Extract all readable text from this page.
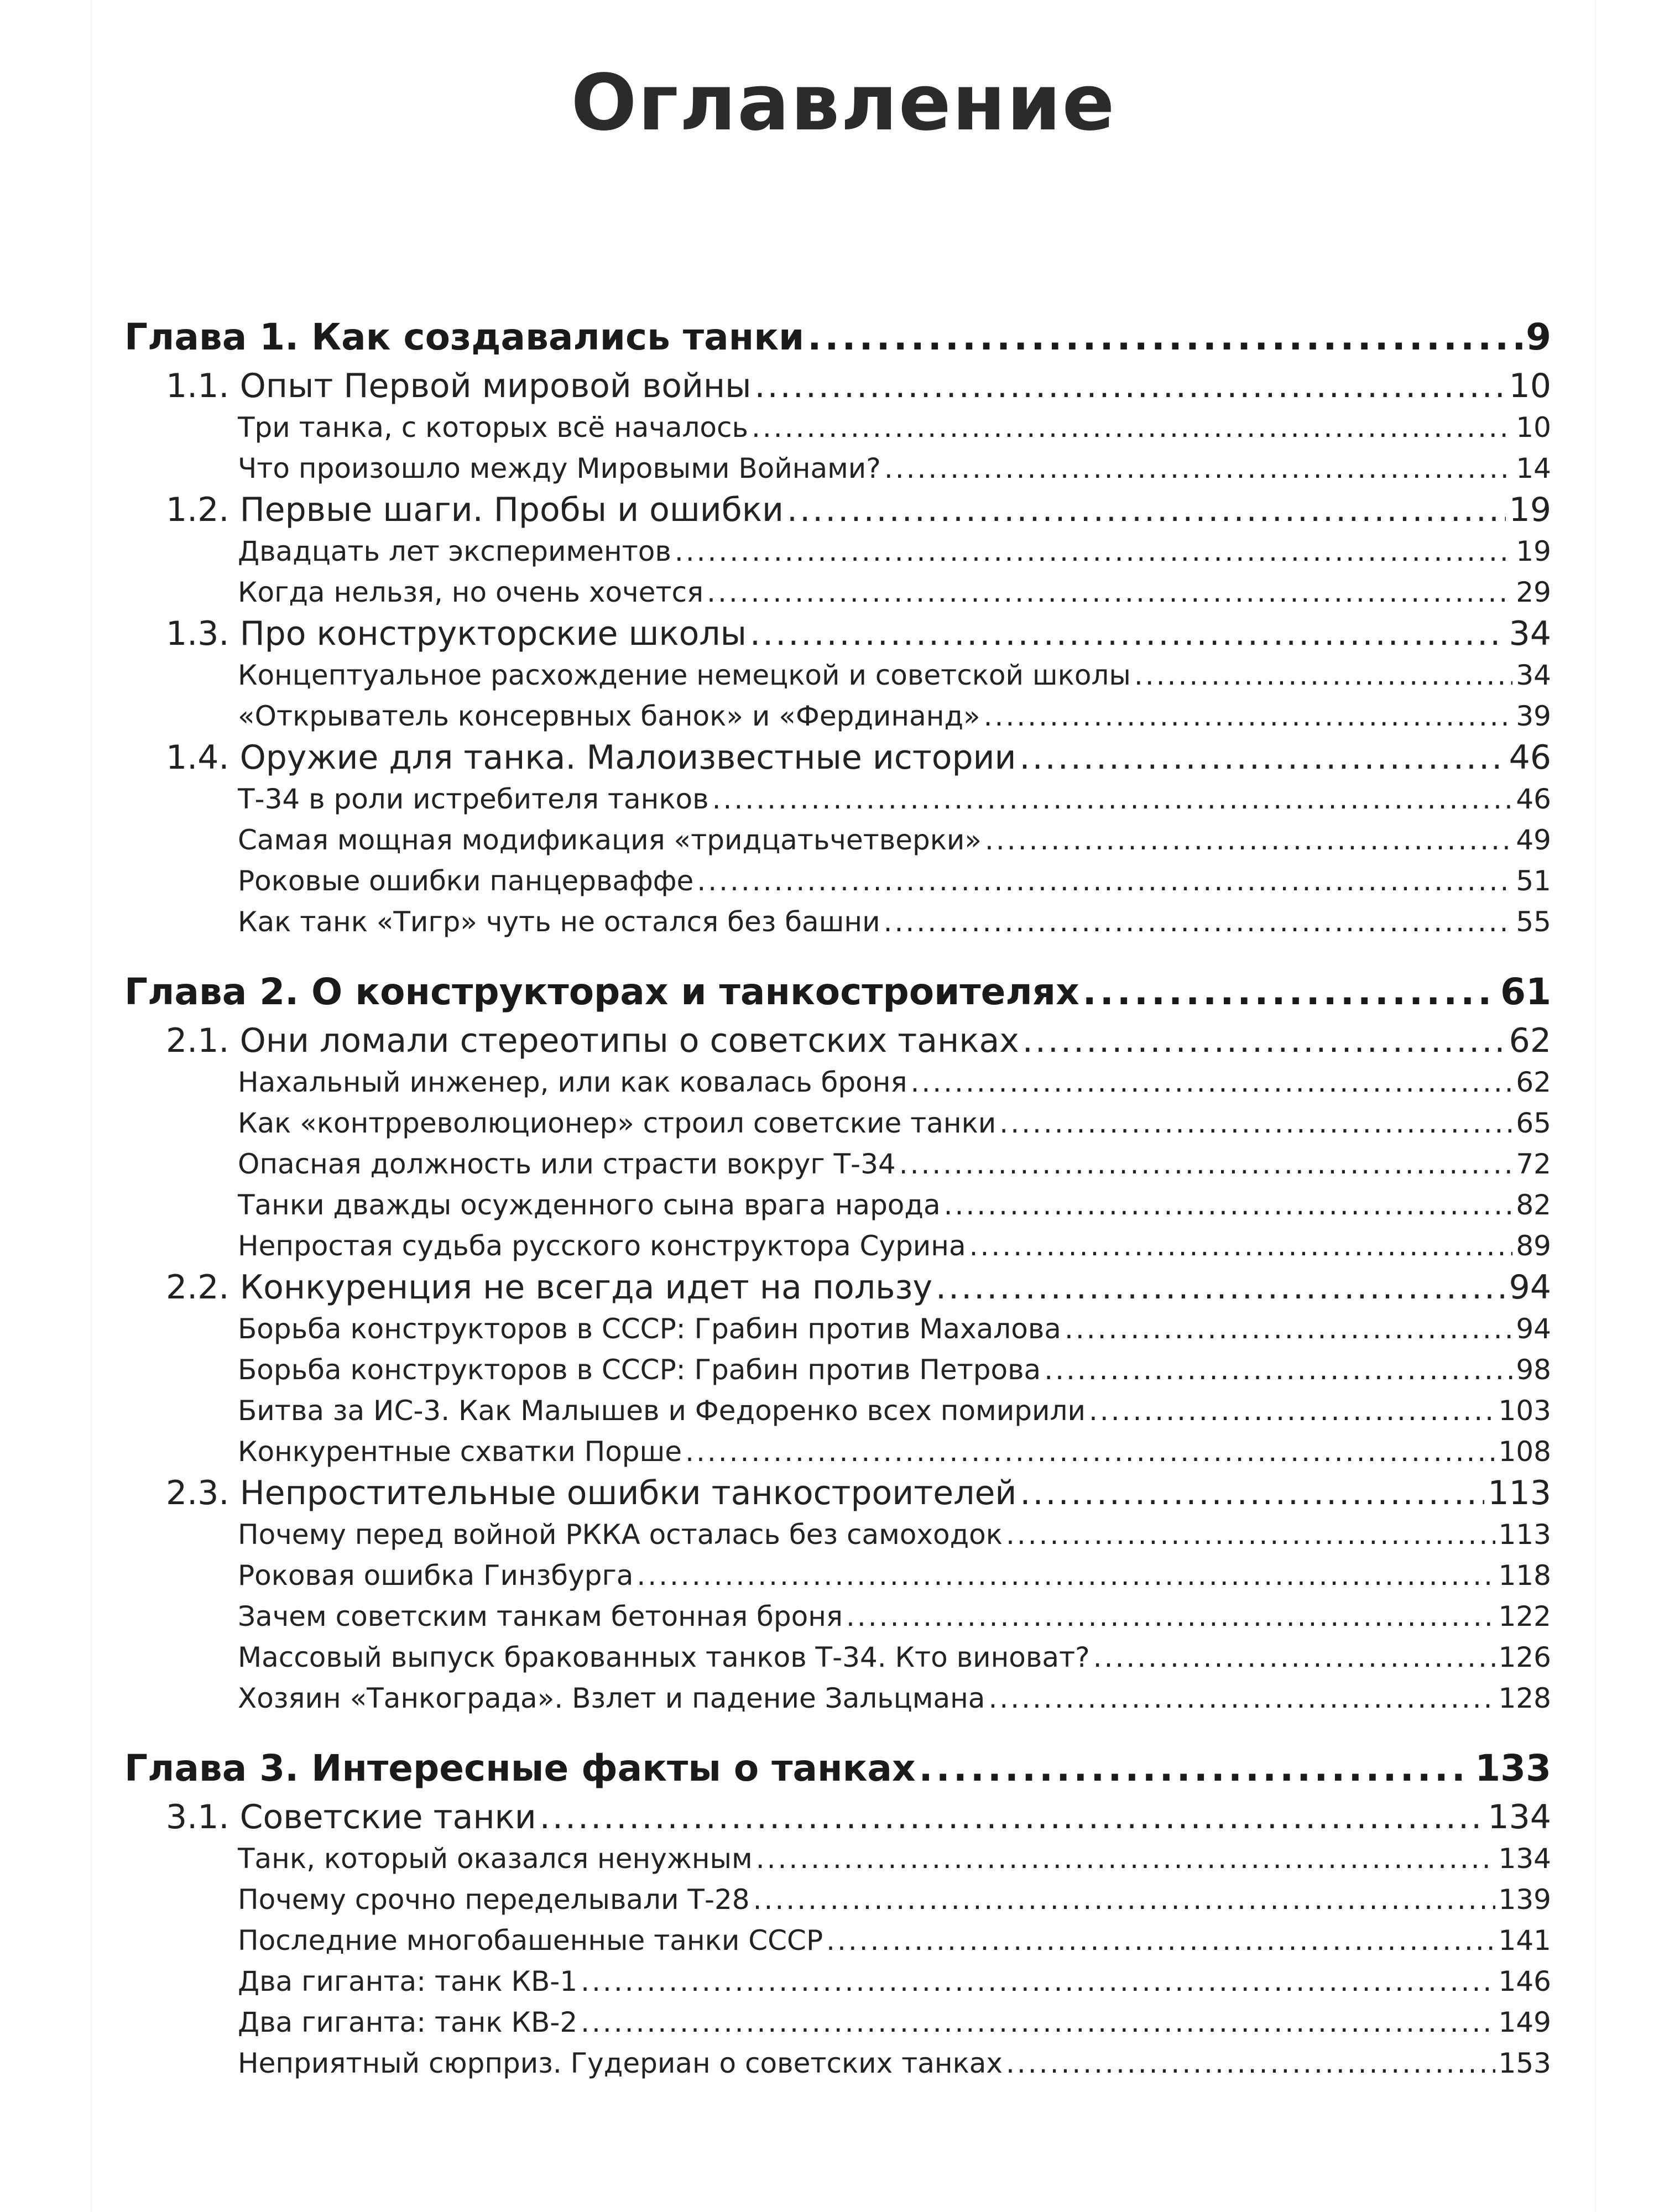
Оглавление
Глава 1. Как создавались танки .....	9
1.1. Опыт Первой мировой войны .....	10
Три танка, с которых всё началось .....	10
Что произошло между Мировыми Войнами? .....	14
1.2. Первые шаги. Пробы и ошибки .....	19
Двадцать лет экспериментов .....	19
Когда нельзя, но очень хочется .....	29
1.3. Про конструкторские школы .....	34
Концептуальное расхождение немецкой и советской школы .....	34
«Открыватель консервных банок» и «Фердинанд» .....	39
1.4. Оружие для танка. Малоизвестные истории .....	46
Т-34 в роли истребителя танков .....	46
Самая мощная модификация «тридцатьчетверки» .....	49
Роковые ошибки панцерваффе .....	51
Как танк «Тигр» чуть не остался без башни .....	55
Глава 2. О конструкторах и танкостроителях .....	61
2.1. Они ломали стереотипы о советских танках .....	62
Нахальный инженер, или как ковалась броня .....	62
Как «контрреволюционер» строил советские танки .....	65
Опасная должность или страсти вокруг Т-34 .....	72
Танки дважды осужденного сына врага народа .....	82
Непростая судьба русского конструктора Сурина .....	89
2.2. Конкуренция не всегда идет на пользу .....	94
Борьба конструкторов в СССР: Грабин против Махалова .....	94
Борьба конструкторов в СССР: Грабин против Петрова .....	98
Битва за ИС-3. Как Малышев и Федоренко всех помирили .....	103
Конкурентные схватки Порше .....	108
2.3. Непростительные ошибки танкостроителей .....	113
Почему перед войной РККА осталась без самоходок .....	113
Роковая ошибка Гинзбурга .....	118
Зачем советским танкам бетонная броня .....	122
Массовый выпуск бракованных танков Т-34. Кто виноват? .....	126
Хозяин «Танкограда». Взлет и падение Зальцмана .....	128
Глава 3. Интересные факты о танках .....	133
3.1. Советские танки .....	134
Танк, который оказался ненужным .....	134
Почему срочно переделывали Т-28 .....	139
Последние многобашенные танки СССР .....	141
Два гиганта: танк КВ-1 .....	146
Два гиганта: танк КВ-2 .....	149
Неприятный сюрприз. Гудериан о советских танках .....	153
